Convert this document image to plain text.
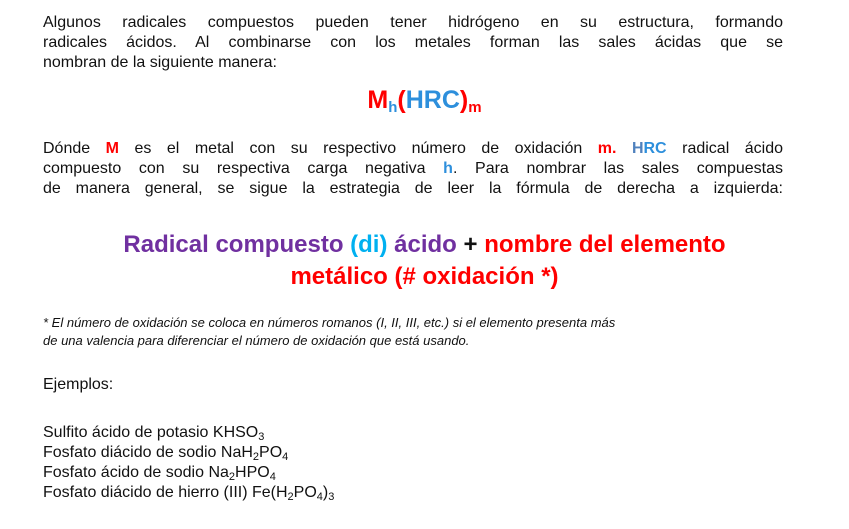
Algunos radicales compuestos pueden tener hidrógeno en su estructura, formando
radicales ácidos. Al combinarse con los metales forman las sales ácidas que se
nombran de la siguiente manera:
$M_h(HRC)_m$
Dónde M es el metal con su respectivo número de oxidación m. HRC radical ácido
compuesto con su respectiva carga negativa h. Para nombrar las sales compuestas
de manera general, se sigue la estrategia de leer la fórmula de derecha a izquierda:
Radical compuesto (di) ácido + nombre del elemento
metálico (# oxidación *)
* El número de oxidación se coloca en números romanos (I, II, III, etc.) si el elemento presenta más
de una valencia para diferenciar el número de oxidación que está usando.
Ejemplos:
Sulfito ácido de potasio $KHSO_3$
Fosfato diácido de sodio $NaH_2PO_4$
Fosfato ácido de sodio $Na_2HPO_4$
Fosfato diácido de hierro (III) $Fe(H_2PO_4)_3$
